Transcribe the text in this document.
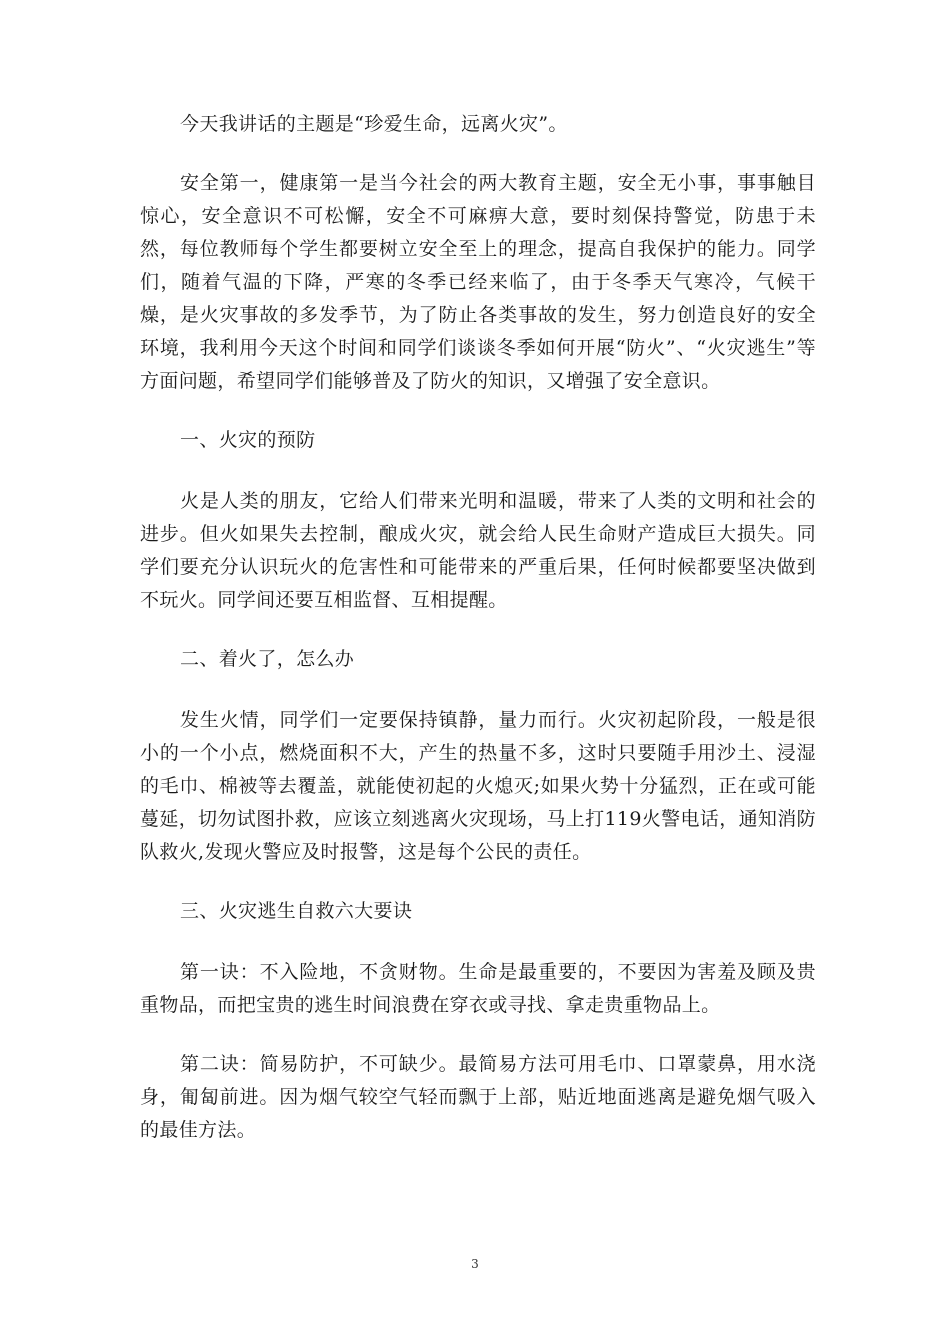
今天我讲话的主题是“珍爱生命，远离火灾”。

安全第一，健康第一是当今社会的两大教育主题，安全无小事，事事触目惊心，安全意识不可松懈，安全不可麻痹大意，要时刻保持警觉，防患于未然，每位教师每个学生都要树立安全至上的理念，提高自我保护的能力。同学们，随着气温的下降，严寒的冬季已经来临了，由于冬季天气寒冷，气候干燥，是火灾事故的多发季节，为了防止各类事故的发生，努力创造良好的安全环境，我利用今天这个时间和同学们谈谈冬季如何开展“防火”、“火灾逃生”等方面问题，希望同学们能够普及了防火的知识，又增强了安全意识。

一、火灾的预防

火是人类的朋友，它给人们带来光明和温暖，带来了人类的文明和社会的进步。但火如果失去控制，酿成火灾，就会给人民生命财产造成巨大损失。同学们要充分认识玩火的危害性和可能带来的严重后果，任何时候都要坚决做到不玩火。同学间还要互相监督、互相提醒。

二、着火了，怎么办

发生火情，同学们一定要保持镇静，量力而行。火灾初起阶段，一般是很小的一个小点，燃烧面积不大，产生的热量不多，这时只要随手用沙土、浸湿的毛巾、棉被等去覆盖，就能使初起的火熄灭;如果火势十分猛烈，正在或可能蔓延，切勿试图扑救，应该立刻逃离火灾现场，马上打119火警电话，通知消防队救火,发现火警应及时报警，这是每个公民的责任。

三、火灾逃生自救六大要诀

第一诀：不入险地，不贪财物。生命是最重要的，不要因为害羞及顾及贵重物品，而把宝贵的逃生时间浪费在穿衣或寻找、拿走贵重物品上。

第二诀：简易防护，不可缺少。最简易方法可用毛巾、口罩蒙鼻，用水浇身，匍匐前进。因为烟气较空气轻而飘于上部，贴近地面逃离是避免烟气吸入的最佳方法。

3
